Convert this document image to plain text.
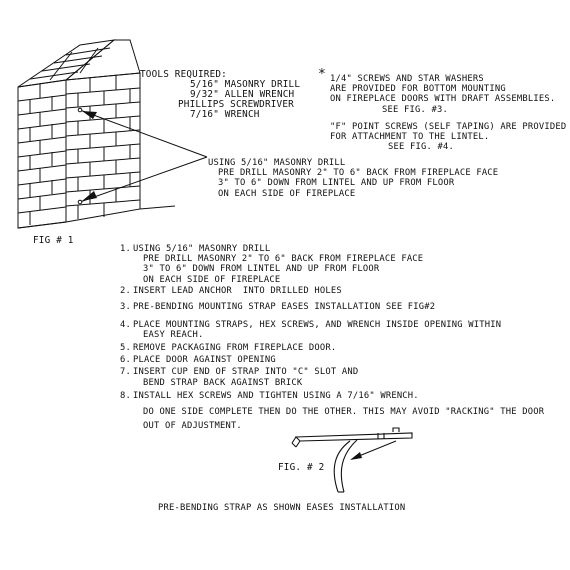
TOOLS REQUIRED:
5/16" MASONRY DRILL
9/32" ALLEN WRENCH
PHILLIPS SCREWDRIVER
7/16" WRENCH
* 1/4" SCREWS AND STAR WASHERS
ARE PROVIDED FOR BOTTOM MOUNTING
ON FIREPLACE DOORS WITH DRAFT ASSEMBLIES.
SEE FIG. #3.
"F" POINT SCREWS (SELF TAPING) ARE PROVIDED
FOR ATTACHMENT TO THE LINTEL.
SEE FIG. #4.
USING 5/16" MASONRY DRILL
PRE DRILL MASONRY 2" TO 6" BACK FROM FIREPLACE FACE
3" TO 6" DOWN FROM LINTEL AND UP FROM FLOOR
ON EACH SIDE OF FIREPLACE
FIG # 1
1. USING 5/16" MASONRY DRILL
PRE DRILL MASONRY 2" TO 6" BACK FROM FIREPLACE FACE
3" TO 6" DOWN FROM LINTEL AND UP FROM FLOOR
ON EACH SIDE OF FIREPLACE
2. INSERT LEAD ANCHOR  INTO DRILLED HOLES
3. PRE-BENDING MOUNTING STRAP EASES INSTALLATION SEE FIG#2
4. PLACE MOUNTING STRAPS, HEX SCREWS, AND WRENCH INSIDE OPENING WITHIN
EASY REACH.
5. REMOVE PACKAGING FROM FIREPLACE DOOR.
6. PLACE DOOR AGAINST OPENING
7. INSERT CUP END OF STRAP INTO "C" SLOT AND
BEND STRAP BACK AGAINST BRICK
8. INSTALL HEX SCREWS AND TIGHTEN USING A 7/16" WRENCH.
DO ONE SIDE COMPLETE THEN DO THE OTHER. THIS MAY AVOID "RACKING" THE DOOR
OUT OF ADJUSTMENT.
FIG. # 2
PRE-BENDING STRAP AS SHOWN EASES INSTALLATION
